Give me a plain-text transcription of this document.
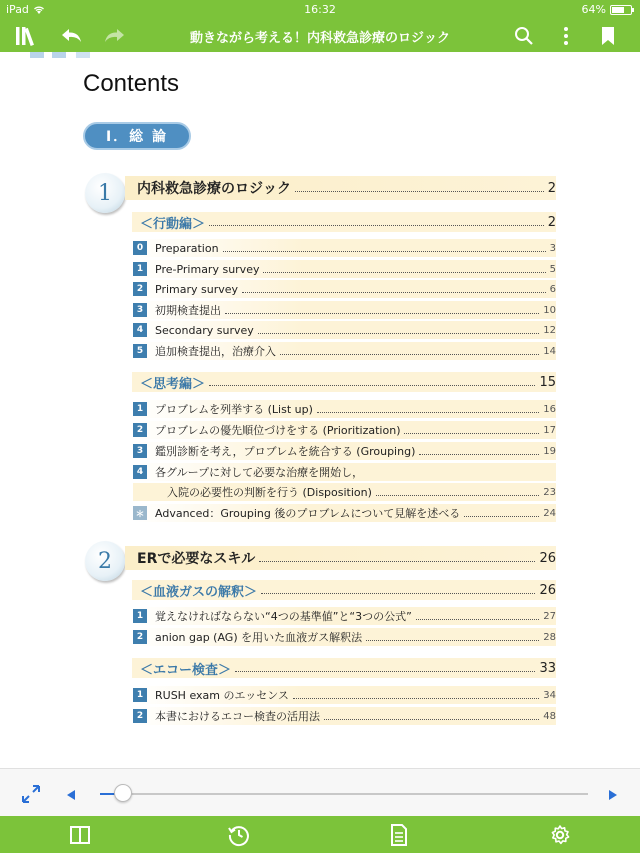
iPad	16:32	64%
動きながら考える！内科救急診療のロジック
Contents
I．総 論
1	内科救急診療のロジック	2
＜行動編＞	2
0	Preparation	3
1	Pre-Primary survey	5
2	Primary survey	6
3	初期検査提出	10
4	Secondary survey	12
5	追加検査提出，治療介入	14
＜思考編＞	15
1	プロブレムを列挙する (List up)	16
2	プロブレムの優先順位づけをする (Prioritization)	17
3	鑑別診断を考え，プロブレムを統合する (Grouping)	19
4	各グループに対して必要な治療を開始し，
入院の必要性の判断を行う (Disposition)	23
＊ Advanced：Grouping 後のプロブレムについて見解を述べる	24
2	ERで必要なスキル	26
＜血液ガスの解釈＞	26
1	覚えなければならない“4つの基準値”と“3つの公式”	27
2	anion gap (AG) を用いた血液ガス解釈法	28
＜エコー検査＞	33
1	RUSH exam のエッセンス	34
2	本書におけるエコー検査の活用法	48
